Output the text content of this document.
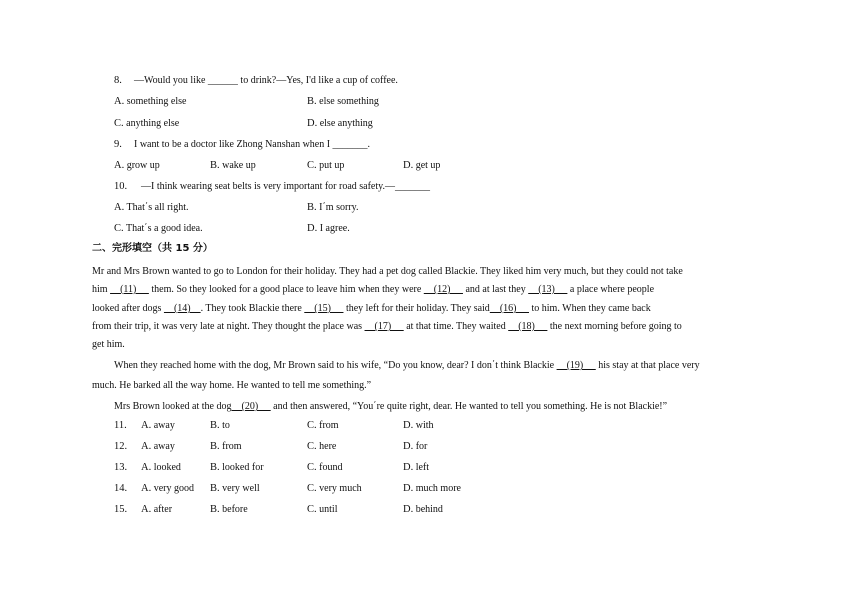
8. —Would you like ______ to drink?—Yes, I'd like a cup of coffee.
A. something else	B. else something
C. anything else	D. else anything
9. I want to be a doctor like Zhong Nanshan when I _______.
A. grow up	B. wake up	C. put up	D. get up
10. —I think wearing seat belts is very important for road safety.—_______
A. That΄s all right.	B. I΄m sorry.
C. That΄s a good idea.	D. I agree.
二、完形填空（共 15 分）
Mr and Mrs Brown wanted to go to London for their holiday. They had a pet dog called Blackie. They liked him very much, but they could not take
him     (11)      them. So they looked for a good place to leave him when they were     (12)      and at last they     (13)      a place where people
looked after dogs     (14)    . They took Blackie there     (15)      they left for their holiday. They said    (16)      to him. When they came back
from their trip, it was very late at night. They thought the place was     (17)      at that time. They waited     (18)      the next morning before going to
get him.
When they reached home with the dog, Mr Brown said to his wife, “Do you know, dear? I don΄t think Blackie     (19)      his stay at that place very
much. He barked all the way home. He wanted to tell me something.”
Mrs Brown looked at the dog    (20)      and then answered, “You΄re quite right, dear. He wanted to tell you something. He is not Blackie!”
11. A. away	B. to	C. from	D. with
12. A. away	B. from	C. here	D. for
13. A. looked	B. looked for	C. found	D. left
14. A. very good B. very well	C. very much	D. much more
15. A. after	B. before	C. until	D. behind
